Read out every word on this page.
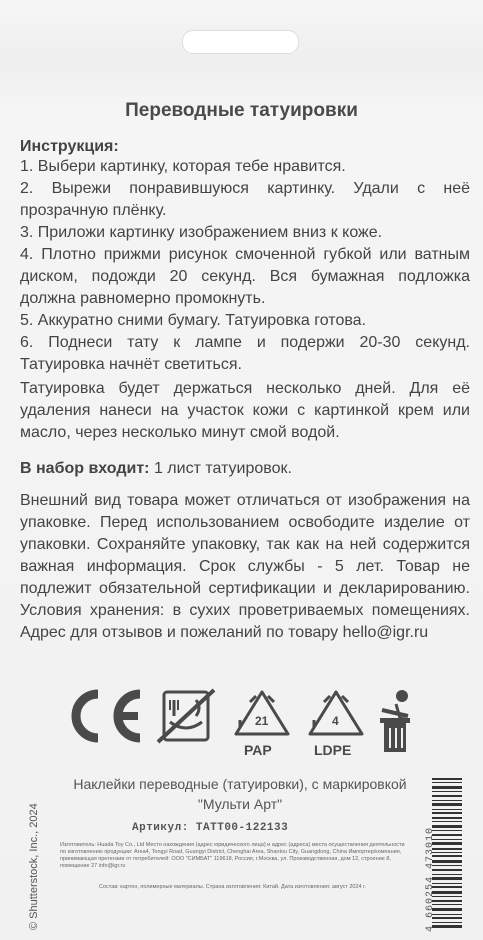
Переводные татуировки
Инструкция:
1. Выбери картинку, которая тебе нравится.
2. Вырежи понравившуюся картинку. Удали с неё прозрачную плёнку.
3. Приложи картинку изображением вниз к коже.
4. Плотно прижми рисунок смоченной губкой или ватным диском, подожди 20 секунд. Вся бумажная подложка должна равномерно промокнуть.
5. Аккуратно сними бумагу. Татуировка готова.
6. Поднеси тату к лампе и подержи 20-30 секунд. Татуировка начнёт светиться.
Татуировка будет держаться несколько дней. Для её удаления нанеси на участок кожи с картинкой крем или масло, через несколько минут смой водой.
В набор входит: 1 лист татуировок.
Внешний вид товара может отличаться от изображения на упаковке. Перед использованием освободите изделие от упаковки. Сохраняйте упаковку, так как на ней содержится важная информация. Срок службы - 5 лет. Товар не подлежит обязательной сертификации и декларированию. Условия хранения: в сухих проветриваемых помещениях. Адрес для отзывов и пожеланий по товару hello@igr.ru
21
PAP
4
LDPE
Наклейки переводные (татуировки), с маркировкой "Мульти Арт"
Артикул: TATT00-122133
Изготовитель: Huada Toy Co., Ltd Место нахождения (адрес юридического лица) и адрес (адреса) места осуществления деятельности по изготовлению продукции: Area4, Tongyi Road, Guangyi District, Chenghai Area, Shantou City, Guangdong, China Импортер/компания, принимающая претензии от потребителей: ООО "СИМБАТ" 119618, Россия, г.Москва, ул. Производственная, дом 12, строение 8, помещение 27 info@igr.ru
Состав: картон, полимерные материалы. Страна изготовления: Китай. Дата изготовления: август 2024 г.
© Shutterstock, Inc., 2024	4 660254 473010
